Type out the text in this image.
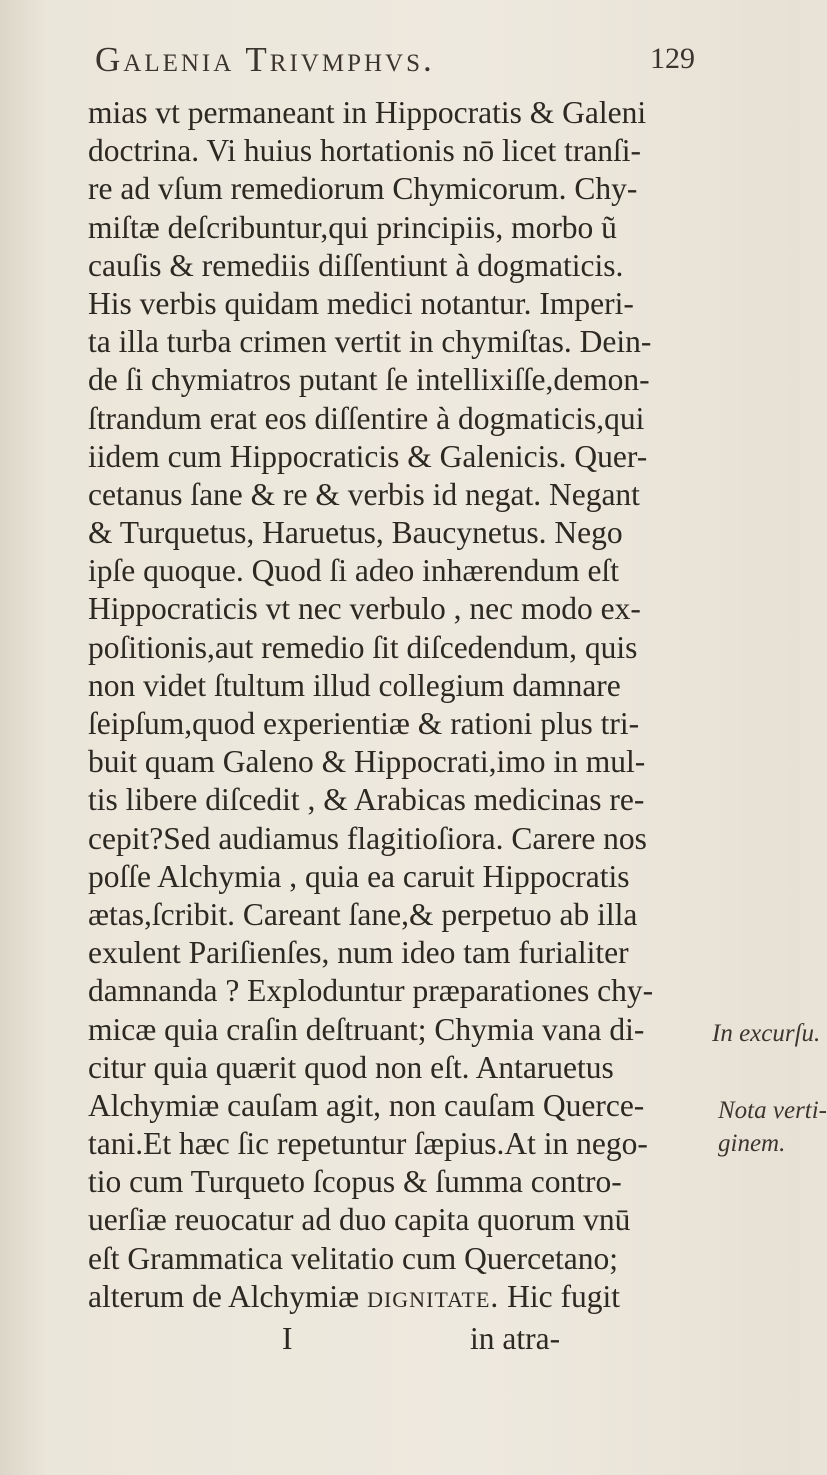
Galenia Trivmphvs.	129
mias vt permaneant in Hippocratis & Galeni
doctrina. Vi huius hortationis nō licet tranſi-
re ad vſum remediorum Chymicorum. Chy-
miſtæ deſcribuntur,qui principiis, morbo ũ
cauſis & remediis diſſentiunt à dogmaticis.
His verbis quidam medici notantur. Imperi-
ta illa turba crimen vertit in chymiſtas. Dein-
de ſi chymiatros putant ſe intellixiſſe,demon-
ſtrandum erat eos diſſentire à dogmaticis,qui
iidem cum Hippocraticis & Galenicis. Quer-
cetanus ſane & re & verbis id negat. Negant
& Turquetus, Haruetus, Baucynetus. Nego
ipſe quoque. Quod ſi adeo inhærendum eſt
Hippocraticis vt nec verbulo , nec modo ex-
poſitionis,aut remedio ſit diſcedendum, quis
non videt ſtultum illud collegium damnare
ſeipſum,quod experientiæ & rationi plus tri-
buit quam Galeno & Hippocrati,imo in mul-
tis libere diſcedit , & Arabicas medicinas re-
cepit?Sed audiamus flagitioſiora. Carere nos
poſſe Alchymia , quia ea caruit Hippocratis
ætas,ſcribit. Careant ſane,& perpetuo ab illa
exulent Pariſienſes, num ideo tam furialiter
damnanda ? Exploduntur præparationes chy-
micæ quia craſin deſtruant; Chymia vana di-
citur quia quærit quod non eſt. Antaruetus
Alchymiæ cauſam agit, non cauſam Querce-
tani.Et hæc ſic repetuntur ſæpius.At in nego-
tio cum Turqueto ſcopus & ſumma contro-
uerſiæ reuocatur ad duo capita quorum vnū
eſt Grammatica velitatio cum Quercetano;
alterum de Alchymiæ dignitate. Hic fugit
I	in atra-
In excurſu.
Nota verti-
ginem.
